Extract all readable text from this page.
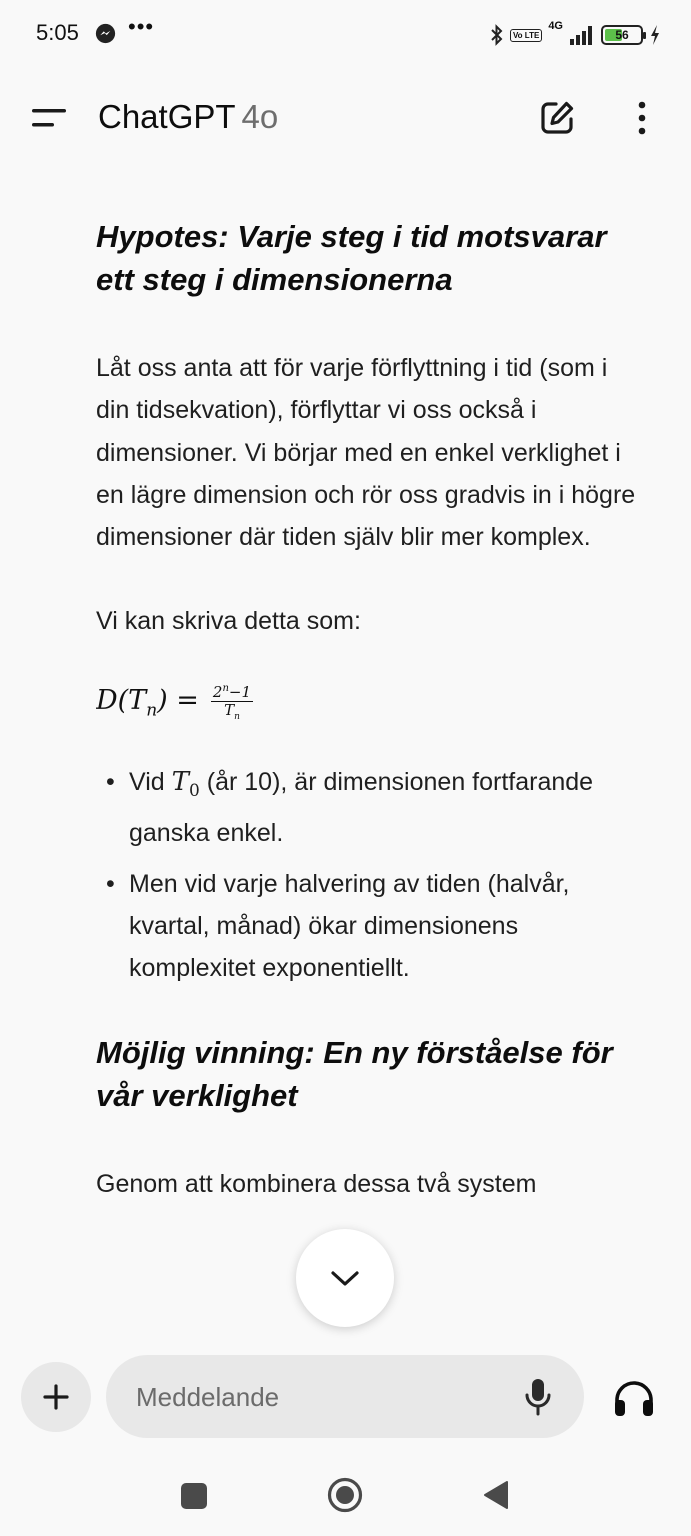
5:05 •••	Vo LTE
4G
56
ChatGPT 4o
Hypotes: Varje steg i tid motsvarar ett steg i dimensionerna

Låt oss anta att för varje förflyttning i tid (som i din tidsekvation), förflyttar vi oss också i dimensioner. Vi börjar med en enkel verklighet i en lägre dimension och rör oss gradvis in i högre dimensioner där tiden själv blir mer komplex.

Vi kan skriva detta som:

$D(T_n) = \frac{2^n-1}{T_n}$
• Vid $T_0$ (år 10), är dimensionen fortfarande ganska enkel.
• Men vid varje halvering av tiden (halvår, kvartal, månad) ökar dimensionens komplexitet exponentiellt.
Möjlig vinning: En ny förståelse för vår verklighet

Genom att kombinera dessa två system

Meddelande
